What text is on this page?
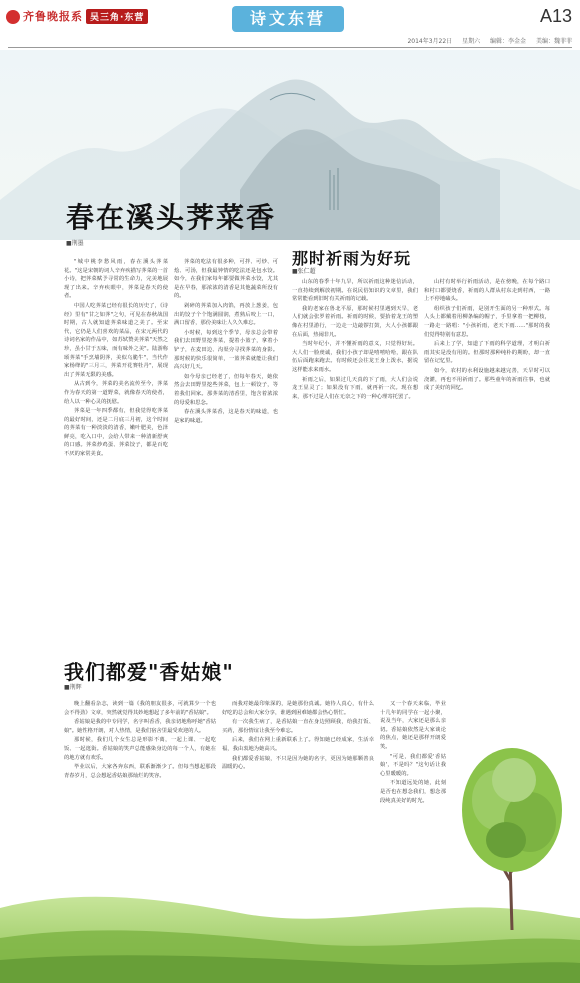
齐鲁晚报系 吴三角·东营	诗文东营	A13
2014年3月22日 星期六 编辑：李金金 美编：魏菲菲
春在溪头荠菜香
■荆墨

"城中桃李愁风雨，春在溪头荠菜花。"这是宋朝的词人辛弃疾描写荠菜的一首小诗，把荠菜赋予寻常的生命力，完美地展现了出来。辛弃疾眼中，荠菜是春天的使者。

中国人吃荠菜已经有很长的历史了，《诗经》里有"甘之如荠"之句，可见在春秋战国时期，古人就知道荠菜味道之美了。至宋代，它仍是人们喜欢的菜品，在宋元两代的诗词名家的作品中，如苏轼赞美荠菜"天然之珍，虽小甘于五味，而有味外之美"。陆游称颂荠菜"手烹墙阴荠，美似乌脆牛"，当代作家杨绛的"三月三，荠菜开花赛牡丹"，展现出了荠菜无限的美感。

从古到今，荠菜的美名流传至今，荠菜作为春天的第一道野菜，就像春天的使者，给人以一种心灵的抚慰。

荠菜是一年四季都有，但我觉得吃荠菜的最好时间，还是二月底三月初，这个时间的荠菜有一种淡淡的清香，嫩叶肥美，色泽鲜亮，吃入口中，会给人带来一种清新舒爽的口感。荠菜炒鸡蛋、荠菜饺子，都是百吃不厌的家常美食。

荠菜的吃法有很多种，可拌、可炒、可烩、可汤，但我最钟情的吃法还是包水饺。如今，在我们家每年都要做荠菜水饺，尤其是在早春，那浓浓的清香是其他蔬菜所没有的。

剁碎的荠菜加入肉馅，再放上葱姜，包出的饺子个个饱满圆润，煮熟后咬上一口，满口留香，那份美味让人久久难忘。

小时候，每到这个季节，母亲总会带着我们去田野里挖荠菜，提着小篮子，拿着小铲子，在麦田边、沟渠旁寻找荠菜的身影。那时候的快乐很简单，一篮荠菜就能让我们高兴好几天。

如今母亲已经老了，但每年春天，她依然会去田野里挖些荠菜，包上一顿饺子，等着我们回家。那荠菜的清香里，饱含着浓浓的母爱和思念。

春在溪头荠菜香，这是春天的味道，也是家的味道。

那时祈雨为好玩
■张仁超

山东的春季十年九旱，所以祈雨这种迷信活动，一直持续到解放初期。在说民俗知识的文章里，我们常常能看到旧时有关祈雨的记载。

我的老家在鲁北平原，那时候村里遇到天旱，老人们就会张罗着祈雨。祈雨的时候，要抬着龙王的塑像在村里游行，一边走一边敲锣打鼓，大人小孩都跟在后面，热闹非凡。

当时年纪小，并不懂祈雨的意义，只觉得好玩。大人们一脸虔诚，我们小孩子却是嘻嘻哈哈，跟在队伍后面跑来跑去。有时候还会往龙王身上泼水，据说这样能求来雨水。

祈雨之后，如果过几天真的下了雨，大人们会说龙王显灵了；如果没有下雨，就再祈一次。现在想来，那不过是人们在无奈之下的一种心理寄托罢了。

山村有时举行祈雨活动，是在傍晚，在每个路口和村口都要烧香，祈雨的人群从村东走到村西，一路上不停地磕头。

组织孩子们祈雨，是别开生面的另一种形式。每人头上都戴着用柳条编的帽子，手里拿着一把柳枝，一路走一路唱："小孩祈雨，老天下雨……"那时的我们觉得特别有意思。

后来上了学，知道了下雨的科学道理，才明白祈雨其实是没有用的。但那时那种纯朴的期盼，却一直留在记忆里。

如今，农村的水利设施越来越完善，天旱时可以浇灌，再也不用祈雨了。那些童年的祈雨往事，也就成了美好的回忆。

我们都爱"香姑娘"
■荆辉

晚上翻看杂志，读到一篇《我的朋友很多，可就算少一个也会不得劲》文章，突然就觉得其妙地想起了多年前的"香姑娘"。

香姑娘是我的中专同学，名字叫香香，我亲切地称呼她"香姑娘"。她性格开朗，对人热情，是我们宿舍里最受欢迎的人。

那时候，我们几个女生总是形影不离，一起上课、一起吃饭、一起逛街。香姑娘的笑声总能感染身边的每一个人，有她在的地方就有欢乐。

毕业以后，大家各奔东西，联系渐渐少了。但每当想起那段青春岁月，总会想起香姑娘那灿烂的笑容。

而我对她最印象深的，是她那份真诚。她待人真心，有什么好吃的总会和大家分享，谁遇到困难她都会热心帮忙。

有一次我生病了，是香姑娘一直在身边照顾我，给我打饭、买药，那份情谊让我至今难忘。

后来，我们在网上重新联系上了。得知她已经成家，生活幸福，我由衷地为她高兴。

我们都爱香姑娘，不只是因为她的名字，更因为她那颗善良温暖的心。

又一个春天来临，毕业十几年的同学在一起小聚，说及当年，大家还是那么亲切。香姑娘依然是大家谈论的焦点，她还是那样开朗爱笑。

"可是，我们都爱'香姑娘'，不是吗？"这句话让我心里暖暖的。

不知道远处的她，此刻是否也在想念我们，想念那段纯真美好的时光。
